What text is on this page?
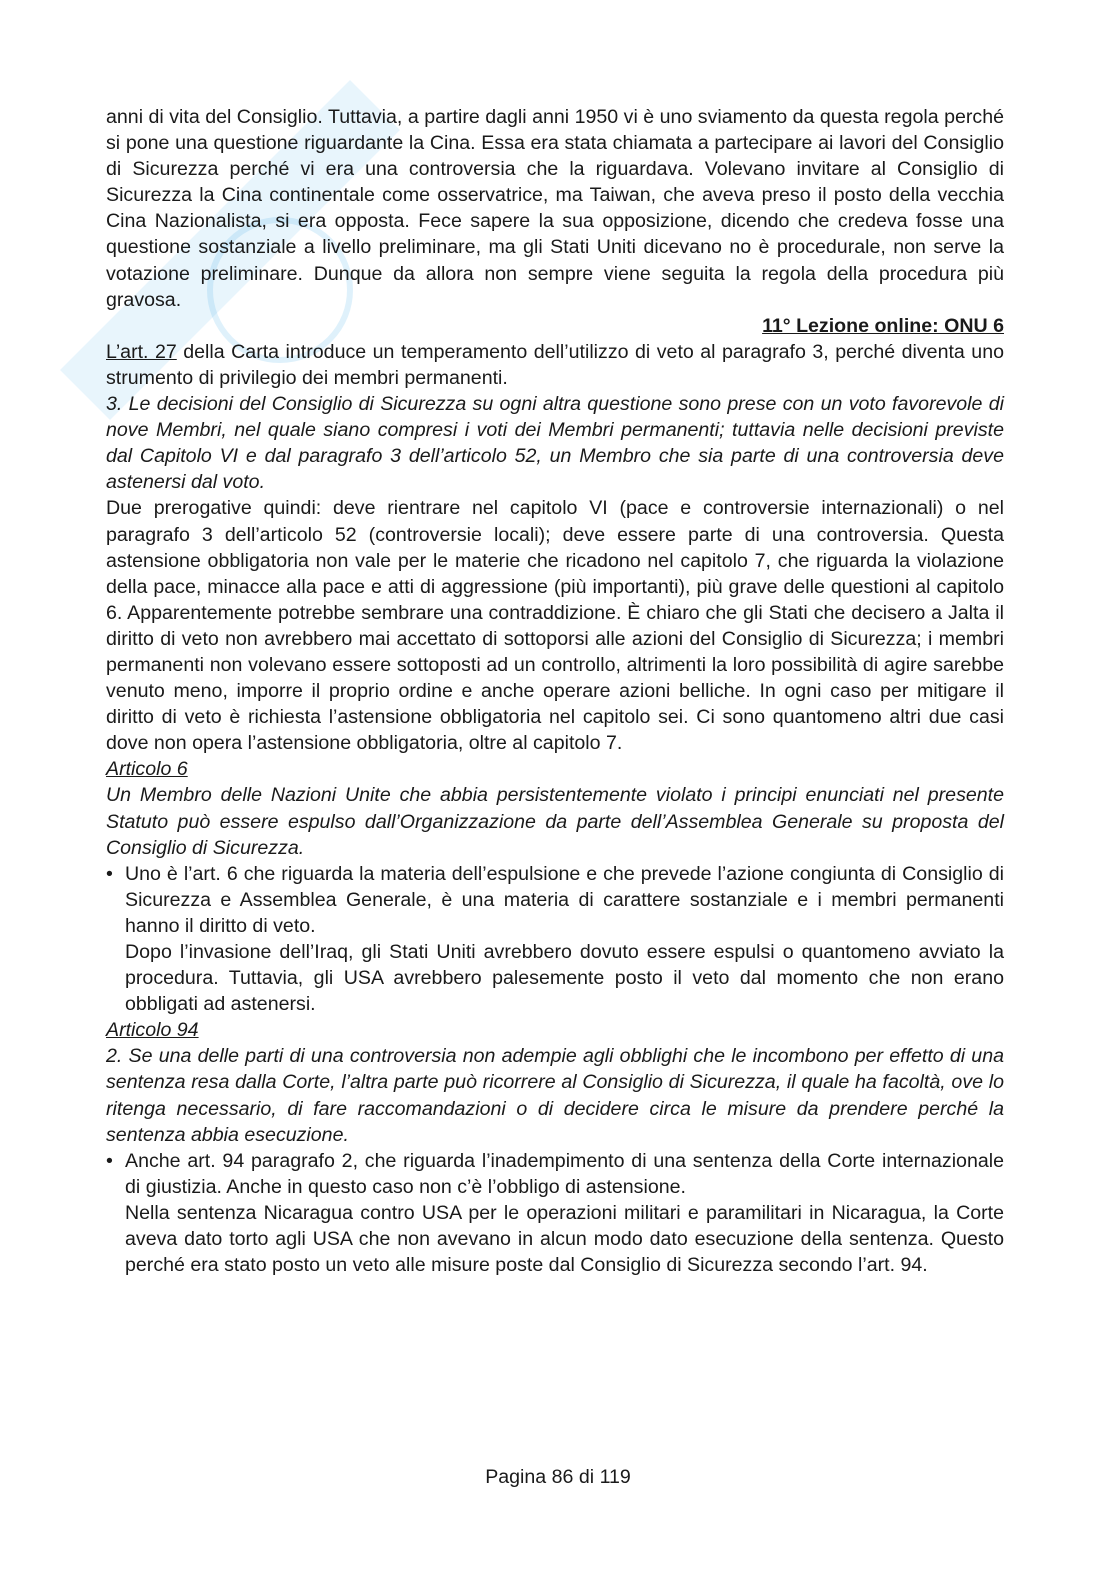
anni di vita del Consiglio. Tuttavia, a partire dagli anni 1950 vi è uno sviamento da questa regola perché si pone una questione riguardante la Cina. Essa era stata chiamata a partecipare ai lavori del Consiglio di Sicurezza perché vi era una controversia che la riguardava. Volevano invitare al Consiglio di Sicurezza la Cina continentale come osservatrice, ma Taiwan, che aveva preso il posto della vecchia Cina Nazionalista, si era opposta. Fece sapere la sua opposizione, dicendo che credeva fosse una questione sostanziale a livello preliminare, ma gli Stati Uniti dicevano no è procedurale, non serve la votazione preliminare. Dunque da allora non sempre viene seguita la regola della procedura più gravosa.

11° Lezione online: ONU 6

L’art. 27 della Carta introduce un temperamento dell’utilizzo di veto al paragrafo 3, perché diventa uno strumento di privilegio dei membri permanenti.

3. Le decisioni del Consiglio di Sicurezza su ogni altra questione sono prese con un voto favorevole di nove Membri, nel quale siano compresi i voti dei Membri permanenti; tuttavia nelle decisioni previste dal Capitolo VI e dal paragrafo 3 dell’articolo 52, un Membro che sia parte di una controversia deve astenersi dal voto.

Due prerogative quindi: deve rientrare nel capitolo VI (pace e controversie internazionali) o nel paragrafo 3 dell’articolo 52 (controversie locali); deve essere parte di una controversia. Questa astensione obbligatoria non vale per le materie che ricadono nel capitolo 7, che riguarda la violazione della pace, minacce alla pace e atti di aggressione (più importanti), più grave delle questioni al capitolo 6. Apparentemente potrebbe sembrare una contraddizione. È chiaro che gli Stati che decisero a Jalta il diritto di veto non avrebbero mai accettato di sottoporsi alle azioni del Consiglio di Sicurezza; i membri permanenti non volevano essere sottoposti ad un controllo, altrimenti la loro possibilità di agire sarebbe venuto meno, imporre il proprio ordine e anche operare azioni belliche. In ogni caso per mitigare il diritto di veto è richiesta l’astensione obbligatoria nel capitolo sei. Ci sono quantomeno altri due casi dove non opera l’astensione obbligatoria, oltre al capitolo 7.

Articolo 6

Un Membro delle Nazioni Unite che abbia persistentemente violato i principi enunciati nel presente Statuto può essere espulso dall’Organizzazione da parte dell’Assemblea Generale su proposta del Consiglio di Sicurezza.

• Uno è l’art. 6 che riguarda la materia dell’espulsione e che prevede l’azione congiunta di Consiglio di Sicurezza e Assemblea Generale, è una materia di carattere sostanziale e i membri permanenti hanno il diritto di veto.

Dopo l’invasione dell’Iraq, gli Stati Uniti avrebbero dovuto essere espulsi o quantomeno avviato la procedura. Tuttavia, gli USA avrebbero palesemente posto il veto dal momento che non erano obbligati ad astenersi.

Articolo 94

2. Se una delle parti di una controversia non adempie agli obblighi che le incombono per effetto di una sentenza resa dalla Corte, l’altra parte può ricorrere al Consiglio di Sicurezza, il quale ha facoltà, ove lo ritenga necessario, di fare raccomandazioni o di decidere circa le misure da prendere perché la sentenza abbia esecuzione.

• Anche art. 94 paragrafo 2, che riguarda l’inadempimento di una sentenza della Corte internazionale di giustizia. Anche in questo caso non c’è l’obbligo di astensione.

Nella sentenza Nicaragua contro USA per le operazioni militari e paramilitari in Nicaragua, la Corte aveva dato torto agli USA che non avevano in alcun modo dato esecuzione della sentenza. Questo perché era stato posto un veto alle misure poste dal Consiglio di Sicurezza secondo l’art. 94.

Pagina 86 di 119
